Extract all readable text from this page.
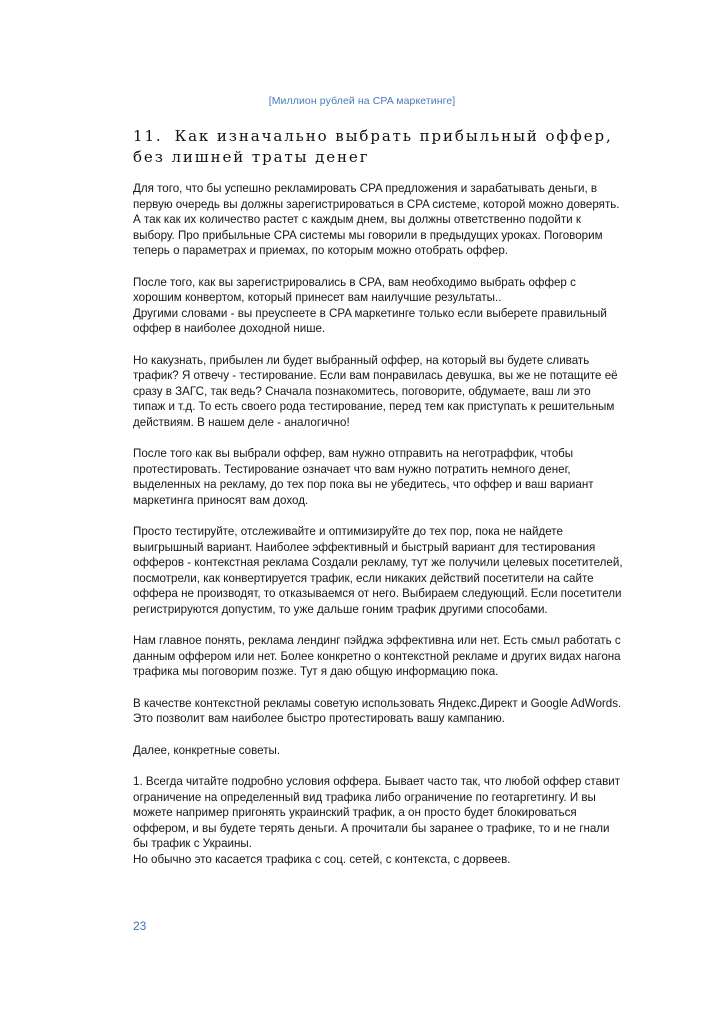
[Миллион рублей на CPA маркетинге]
11. Как изначально выбрать прибыльный оффер, без лишней траты денег

Для того, что бы успешно рекламировать CPA предложения и зарабатывать деньги, в первую очередь вы должны зарегистрироваться в CPA системе, которой можно доверять. А так как их количество растет с каждым днем, вы должны ответственно подойти к выбору. Про прибыльные CPA системы мы говорили в предыдущих уроках. Поговорим теперь о параметрах и приемах, по которым можно отобрать оффер.

После того, как вы зарегистрировались в CPA, вам необходимо выбрать оффер с хорошим конвертом, который принесет вам наилучшие результаты..
Другими словами - вы преуспеете в CPA маркетинге только если выберете правильный оффер в наиболее доходной нише.

Но какузнать, прибылен ли будет выбранный оффер, на который вы будете сливать трафик? Я отвечу - тестирование. Если вам понравилась девушка, вы же не потащите её сразу в ЗАГС, так ведь? Сначала познакомитесь, поговорите, обдумаете, ваш ли это типаж и т.д. То есть своего рода тестирование, перед тем как приступать к решительным действиям. В нашем деле - аналогично!

После того как вы выбрали оффер, вам нужно отправить на неготраффик, чтобы протестировать. Тестирование означает что вам нужно потратить немного денег, выделенных на рекламу, до тех пор пока вы не убедитесь, что оффер и ваш вариант маркетинга приносят вам доход.

Просто тестируйте, отслеживайте и оптимизируйте до тех пор, пока не найдете выигрышный вариант. Наиболее эффективный и быстрый вариант для тестирования офферов - контекстная реклама Создали рекламу, тут же получили целевых посетителей, посмотрели, как конвертируется трафик, если никаких действий посетители на сайте оффера не производят, то отказываемся от него. Выбираем следующий. Если посетители регистрируются допустим, то уже дальше гоним трафик другими способами.

Нам главное понять, реклама лендинг пэйджа эффективна или нет. Есть смыл работать с данным оффером или нет. Более конкретно о контекстной рекламе и других видах нагона трафика мы поговорим позже. Тут я даю общую информацию пока.

В качестве контекстной рекламы советую использовать Яндекс.Директ и Google AdWords. Это позволит вам наиболее быстро протестировать вашу кампанию.

Далее, конкретные советы.

1. Всегда читайте подробно условия оффера. Бывает часто так, что любой оффер ставит ограничение на определенный вид трафика либо ограничение по геотаргетингу. И вы можете например пригонять украинский трафик, а он просто будет блокироваться оффером, и вы будете терять деньги. А прочитали бы заранее о трафике, то и не гнали бы трафик с Украины.
Но обычно это касается трафика с соц. сетей, с контекста, с дорвеев.

23
